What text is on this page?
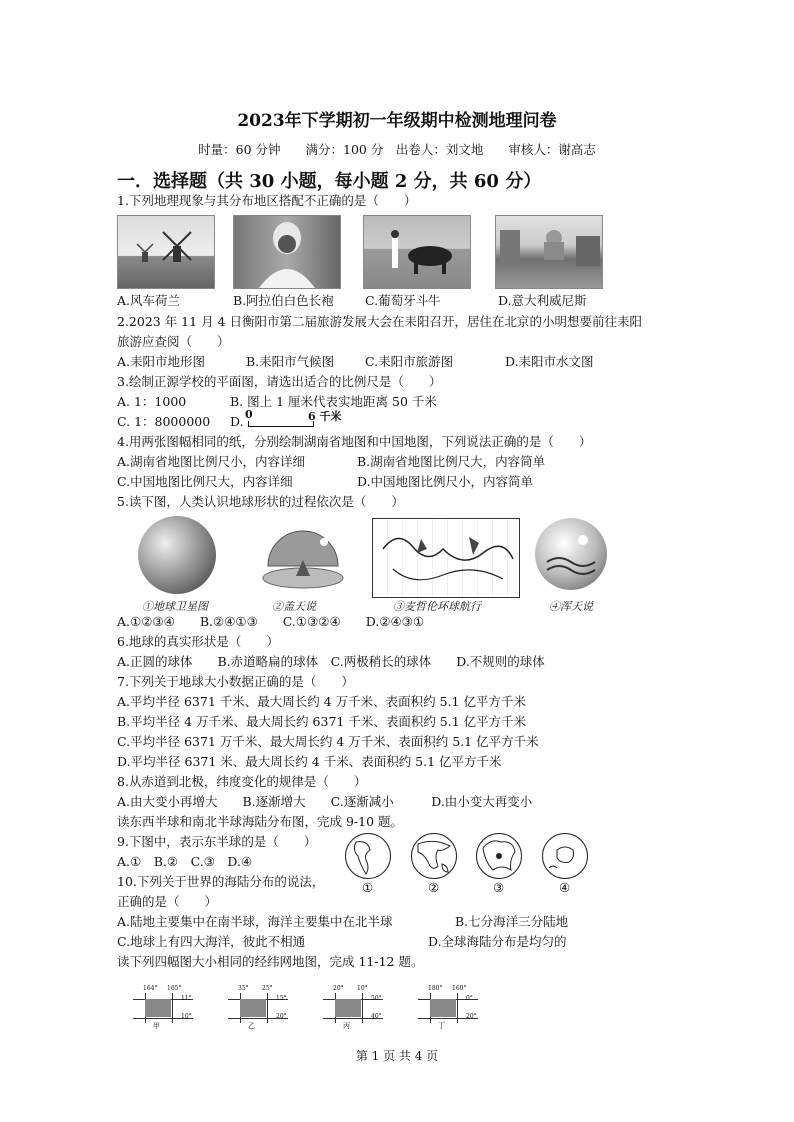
2023年下学期初一年级期中检测地理问卷
时量：60 分钟　　满分：100 分　出卷人：刘文地　　审核人：谢高志
一．选择题（共 30 小题，每小题 2 分，共 60 分）
1.下列地理现象与其分布地区搭配不正确的是（　　）
A.风车荷兰	B.阿拉伯白色长袍	C.葡萄牙斗牛	D.意大利威尼斯
2.2023 年 11 月 4 日衡阳市第二届旅游发展大会在耒阳召开，居住在北京的小明想要前往耒阳
旅游应查阅（　　）
A.耒阳市地形图	B.耒阳市气候图 C.耒阳市旅游图	D.耒阳市水文图
3.绘制正源学校的平面图，请选出适合的比例尺是（　　）
A. 1：1000	B. 图上 1 厘米代表实地距离 50 千米
C. 1：8000000 D. 0	6 千米
4.用两张图幅相同的纸，分别绘制湖南省地图和中国地图，下列说法正确的是（　　）
A.湖南省地图比例尺小，内容详细	B.湖南省地图比例尺大，内容简单
C.中国地图比例尺大，内容详细	D.中国地图比例尺小，内容简单
5.读下图，人类认识地球形状的过程依次是（　　）
①地球卫星图	②盖天说	③麦哲伦环球航行	④浑天说
A.①②③④　　B.②④①③　　C.①③②④　　D.②④③①
6.地球的真实形状是（　　）
A.正圆的球体　　B.赤道略扁的球体　C.两极稍长的球体　　D.不规则的球体
7.下列关于地球大小数据正确的是（　　）
A.平均半径 6371 千米、最大周长约 4 万千米、表面积约 5.1 亿平方千米
B.平均半径 4 万千米、最大周长约 6371 千米、表面积约 5.1 亿平方千米
C.平均半径 6371 万千米、最大周长约 4 万千米、表面积约 5.1 亿平方千米
D.平均半径 6371 米、最大周长约 4 千米、表面积约 5.1 亿平方千米
8.从赤道到北极，纬度变化的规律是（　　）
A.由大变小再增大　　B.逐渐增大　　C.逐渐减小　　　D.由小变大再变小
读东西半球和南北半球海陆分布图，完成 9-10 题。
9.下图中，表示东半球的是（　　）
A.①　B.②　C.③　D.④
①	②	③	④
10.下列关于世界的海陆分布的说法，
正确的是（　　）
A.陆地主要集中在南半球，海洋主要集中在北半球	B.七分海洋三分陆地
C.地球上有四大海洋，彼此不相通	D.全球海陆分布是均匀的
读下列四幅图大小相同的经纬网地图，完成 11-12 题。
164° 165°
11°
10°
甲
35° 25°
15°
20°
乙
20° 10°
50°
40°
丙
180° 160°
0°
20°
丁
第 1 页 共 4 页
